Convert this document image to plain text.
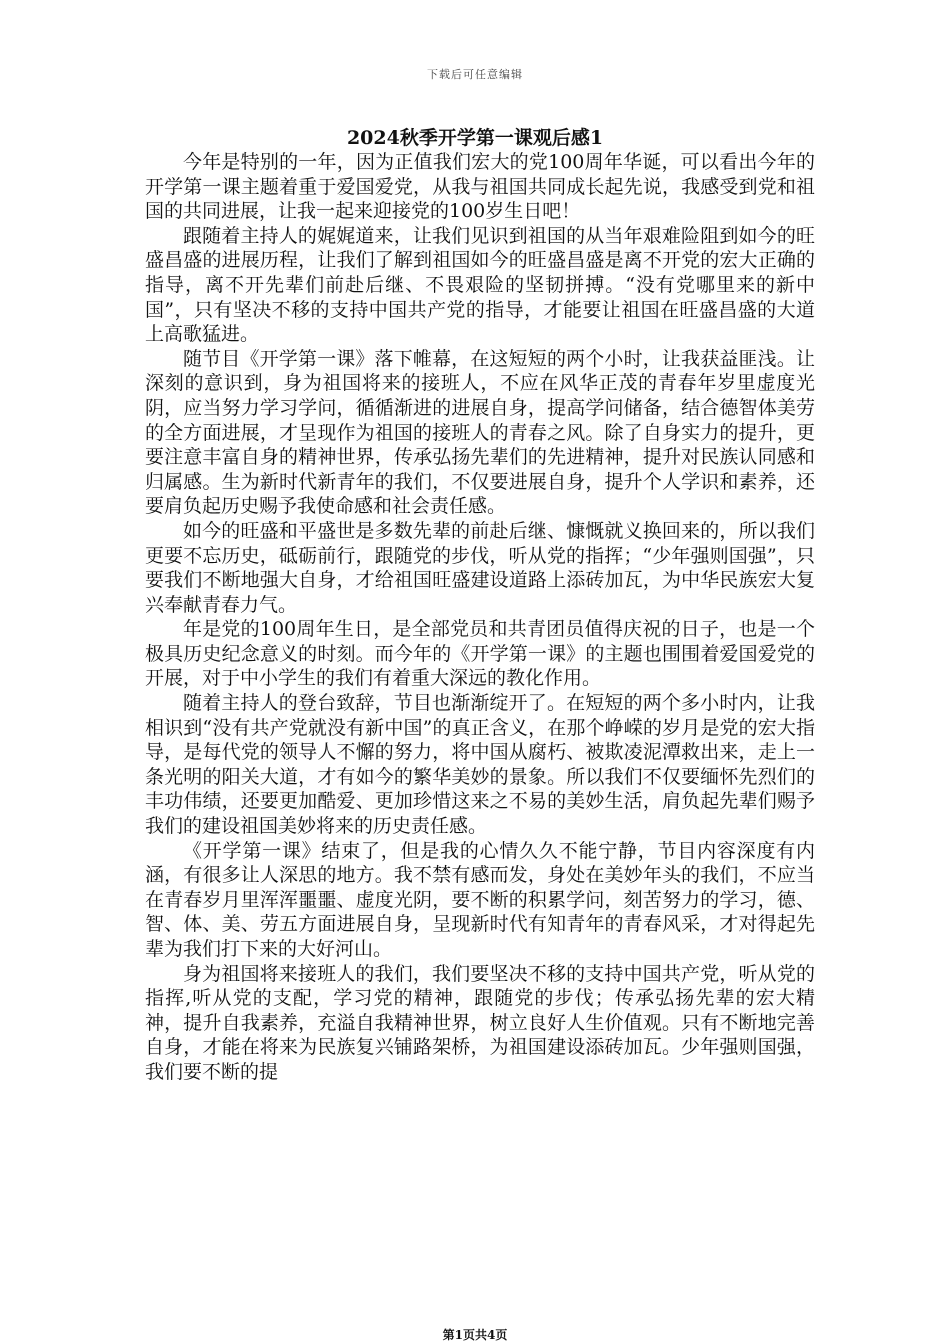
下载后可任意编辑
2024秋季开学第一课观后感1

今年是特别的一年，因为正值我们宏大的党100周年华诞，可以看出今年的开学第一课主题着重于爱国爱党，从我与祖国共同成长起先说，我感受到党和祖国的共同进展，让我一起来迎接党的100岁生日吧！

跟随着主持人的娓娓道来，让我们见识到祖国的从当年艰难险阻到如今的旺盛昌盛的进展历程，让我们了解到祖国如今的旺盛昌盛是离不开党的宏大正确的指导，离不开先辈们前赴后继、不畏艰险的坚韧拼搏。“没有党哪里来的新中国”，只有坚决不移的支持中国共产党的指导，才能要让祖国在旺盛昌盛的大道上高歌猛进。

随节目《开学第一课》落下帷幕，在这短短的两个小时，让我获益匪浅。让深刻的意识到，身为祖国将来的接班人，不应在风华正茂的青春年岁里虚度光阴，应当努力学习学问，循循渐进的进展自身，提高学问储备，结合德智体美劳的全方面进展，才呈现作为祖国的接班人的青春之风。除了自身实力的提升，更要注意丰富自身的精神世界，传承弘扬先辈们的先进精神，提升对民族认同感和归属感。生为新时代新青年的我们，不仅要进展自身，提升个人学识和素养，还要肩负起历史赐予我使命感和社会责任感。

如今的旺盛和平盛世是多数先辈的前赴后继、慷慨就义换回来的，所以我们更要不忘历史，砥砺前行，跟随党的步伐，听从党的指挥；“少年强则国强”，只要我们不断地强大自身，才给祖国旺盛建设道路上添砖加瓦，为中华民族宏大复兴奉献青春力气。

年是党的100周年生日，是全部党员和共青团员值得庆祝的日子，也是一个极具历史纪念意义的时刻。而今年的《开学第一课》的主题也围围着爱国爱党的开展，对于中小学生的我们有着重大深远的教化作用。

随着主持人的登台致辞，节目也渐渐绽开了。在短短的两个多小时内，让我相识到“没有共产党就没有新中国”的真正含义，在那个峥嵘的岁月是党的宏大指导，是每代党的领导人不懈的努力，将中国从腐朽、被欺凌泥潭救出来，走上一条光明的阳关大道，才有如今的繁华美妙的景象。所以我们不仅要缅怀先烈们的丰功伟绩，还要更加酷爱、更加珍惜这来之不易的美妙生活，肩负起先辈们赐予我们的建设祖国美妙将来的历史责任感。

《开学第一课》结束了，但是我的心情久久不能宁静，节目内容深度有内涵，有很多让人深思的地方。我不禁有感而发，身处在美妙年头的我们，不应当在青春岁月里浑浑噩噩、虚度光阴，要不断的积累学问，刻苦努力的学习，德、智、体、美、劳五方面进展自身，呈现新时代有知青年的青春风采，才对得起先辈为我们打下来的大好河山。

身为祖国将来接班人的我们，我们要坚决不移的支持中国共产党，听从党的指挥,听从党的支配，学习党的精神，跟随党的步伐；传承弘扬先辈的宏大精神，提升自我素养，充溢自我精神世界，树立良好人生价值观。只有不断地完善自身，才能在将来为民族复兴铺路架桥，为祖国建设添砖加瓦。少年强则国强，我们要不断的提

第1页共4页
